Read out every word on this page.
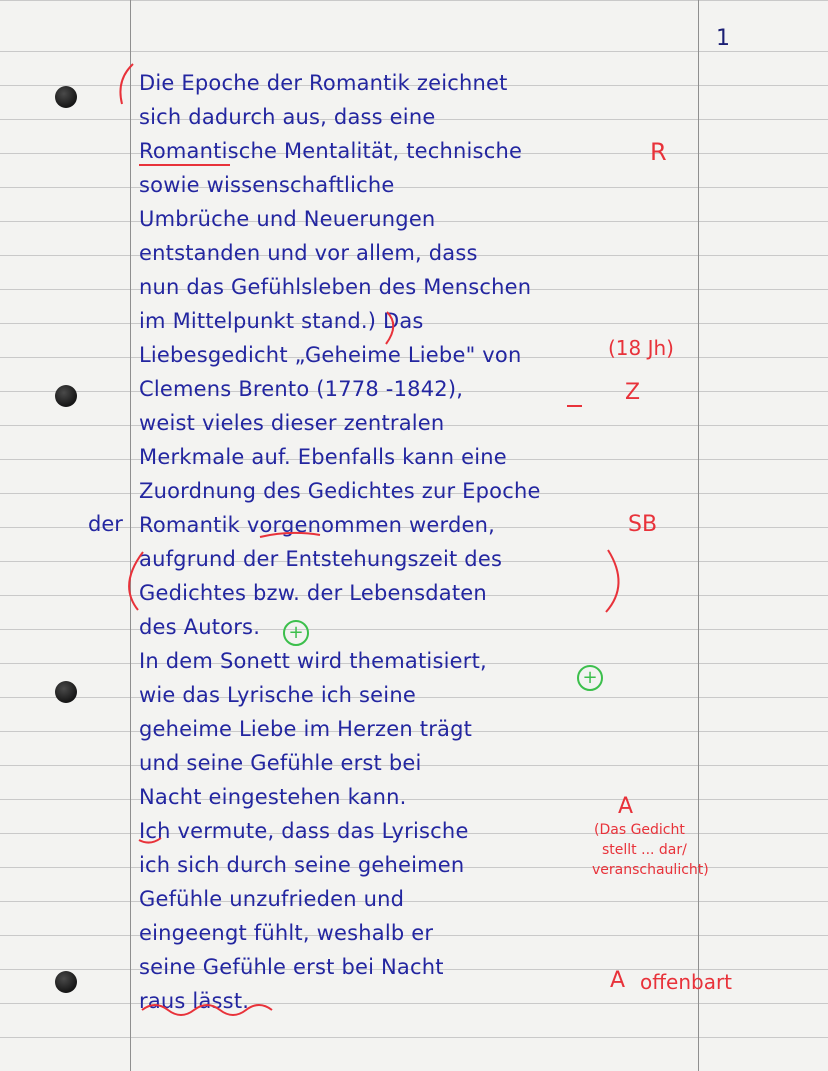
1
Die Epoche der Romantik zeichnet
sich dadurch aus, dass eine
Romantische Mentalität, technische
sowie wissenschaftliche
Umbrüche und Neuerungen
entstanden und vor allem, dass
nun das Gefühlsleben des Menschen
im Mittelpunkt stand.) Das
Liebesgedicht „Geheime Liebe" von
Clemens Brento (1778 -1842),
weist vieles dieser zentralen
Merkmale auf. Ebenfalls kann eine
Zuordnung des Gedichtes zur Epoche
der Romantik vorgenommen werden,
aufgrund der Entstehungszeit des
Gedichtes bzw. der Lebensdaten
des Autors.
In dem Sonett wird thematisiert,
wie das Lyrische ich seine
geheime Liebe im Herzen trägt
und seine Gefühle erst bei
Nacht eingestehen kann.
Ich vermute, dass das Lyrische
ich sich durch seine geheimen
Gefühle unzufrieden und
eingeengt fühlt, weshalb er
seine Gefühle erst bei Nacht
raus lässt.
R
(18 Jh)
Z
SB
A
(Das Gedicht
stellt ... dar/
veranschaulicht)
A offenbart
+
+
